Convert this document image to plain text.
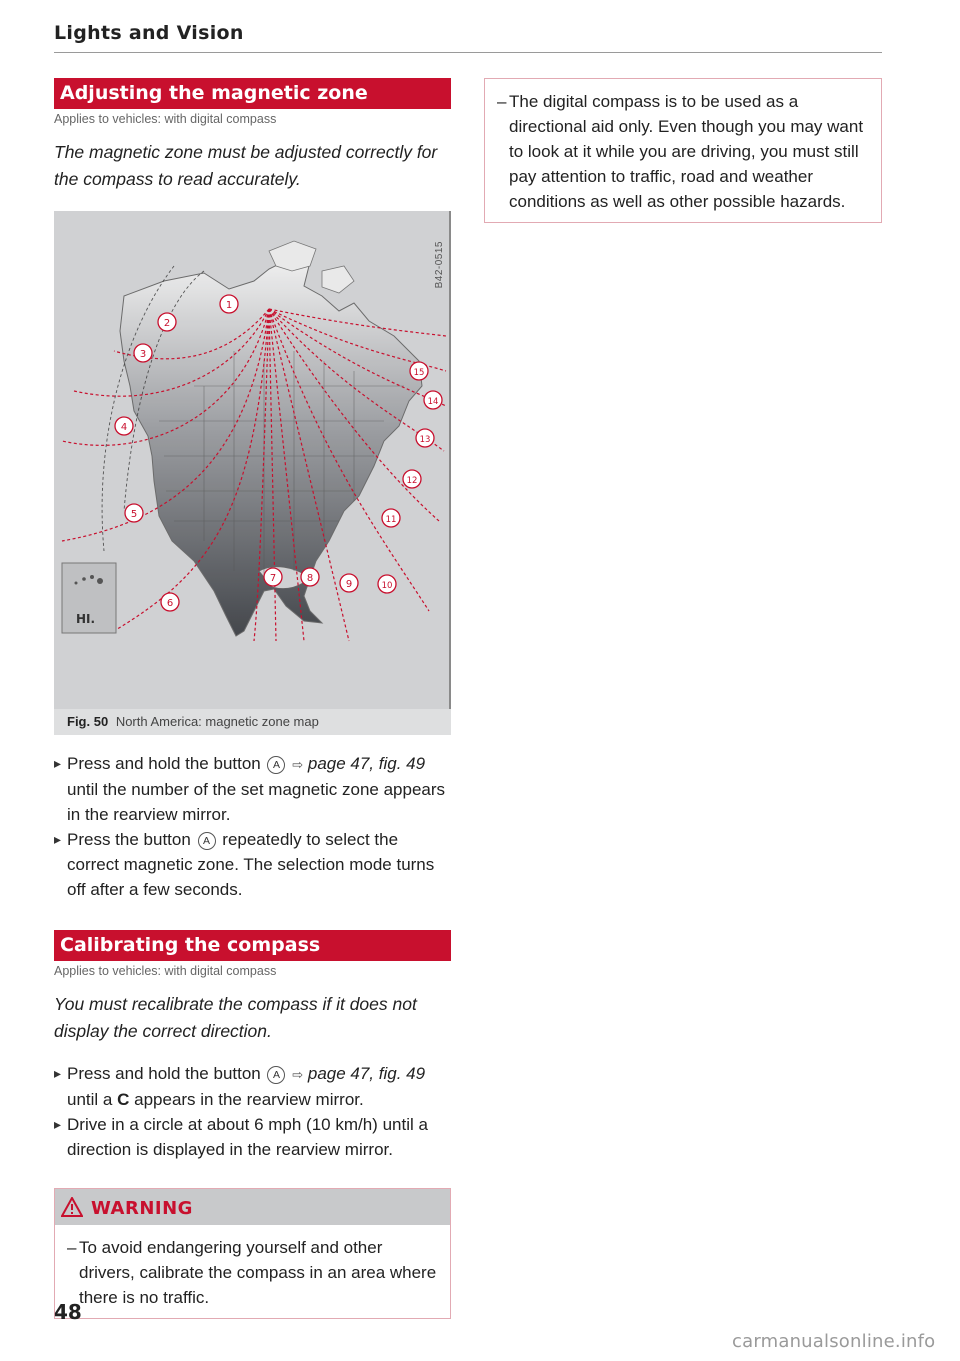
Lights and Vision
Adjusting the magnetic zone
Applies to vehicles: with digital compass
The magnetic zone must be adjusted correctly for the compass to read accurately.
HI.
1
2
3
4
5
6
7	8
9	10
11
12
13
14
15
B42-0515
Fig. 50 North America: magnetic zone map
▸ Press and hold the button A ⇨ page 47, fig. 49 until the number of the set magnetic zone appears in the rearview mirror.
▸ Press the button A repeatedly to select the correct magnetic zone. The selection mode turns off after a few seconds.
Calibrating the compass
Applies to vehicles: with digital compass
You must recalibrate the compass if it does not display the correct direction.
▸ Press and hold the button A ⇨ page 47, fig. 49 until a C appears in the rearview mirror.
▸ Drive in a circle at about 6 mph (10 km/h) until a direction is displayed in the rearview mirror.
WARNING
– To avoid endangering yourself and other drivers, calibrate the compass in an area where there is no traffic.
– The digital compass is to be used as a directional aid only. Even though you may want to look at it while you are driving, you must still pay attention to traffic, road and weather conditions as well as other possible hazards.
48
carmanualsonline.info
